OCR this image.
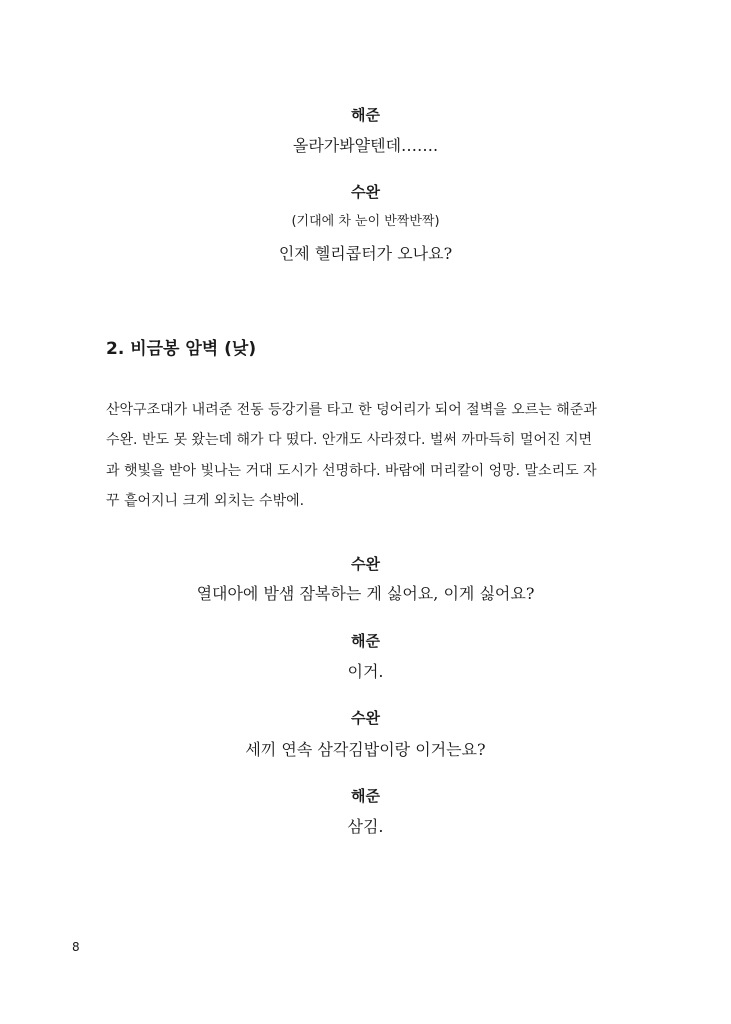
해준
올라가봐얄텐데…….
수완
(기대에 차 눈이 반짝반짝)
인제 헬리콥터가 오나요?
2. 비금봉 암벽 (낮)
산악구조대가 내려준 전동 등강기를 타고 한 덩어리가 되어 절벽을 오르는 해준과
수완. 반도 못 왔는데 해가 다 떴다. 안개도 사라졌다. 벌써 까마득히 멀어진 지면
과 햇빛을 받아 빛나는 거대 도시가 선명하다. 바람에 머리칼이 엉망. 말소리도 자
꾸 흩어지니 크게 외치는 수밖에.
수완
열대아에 밤샘 잠복하는 게 싫어요, 이게 싫어요?
해준
이거.
수완
세끼 연속 삼각김밥이랑 이거는요?
해준
삼김.
8
